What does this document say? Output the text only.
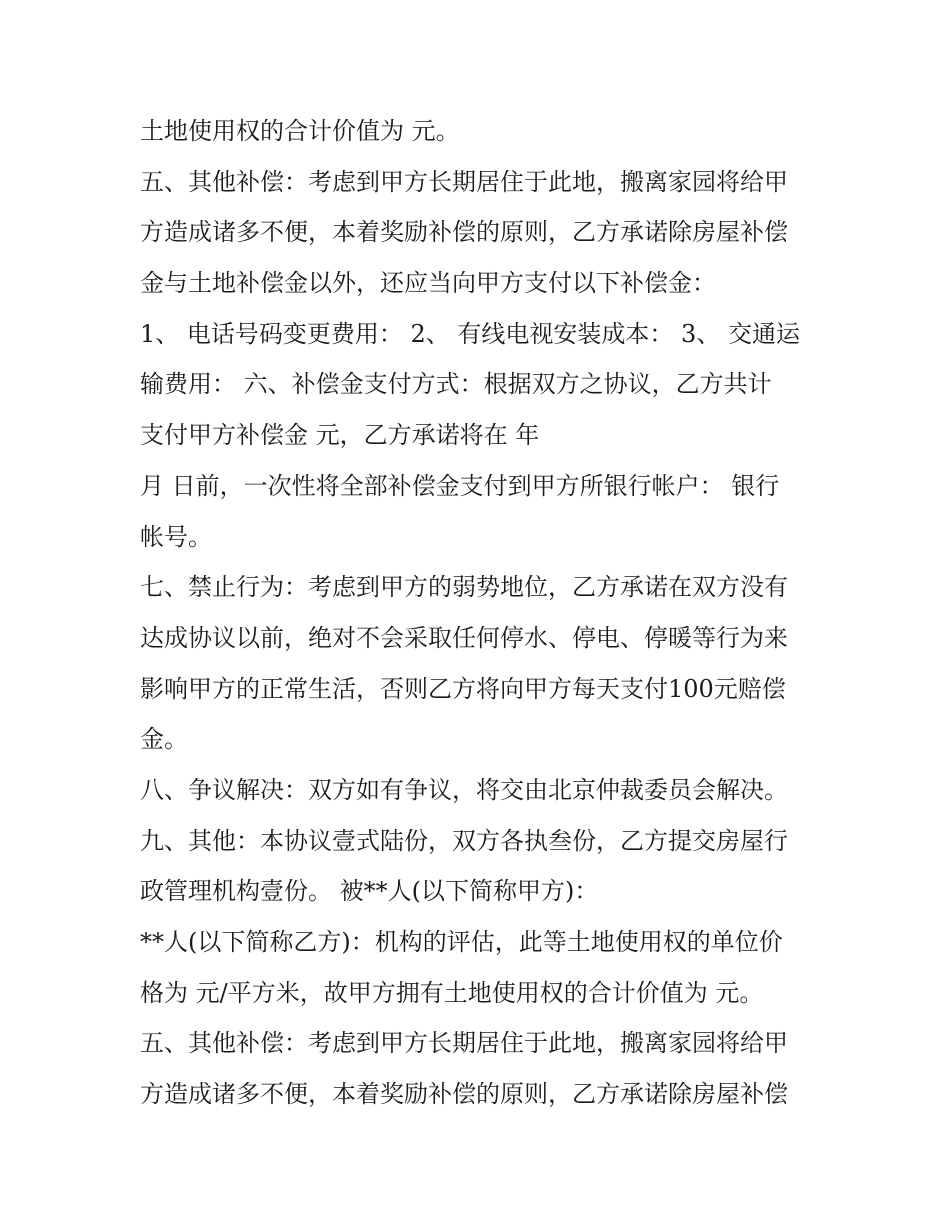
土地使用权的合计价值为 元。
五、其他补偿：考虑到甲方长期居住于此地，搬离家园将给甲
方造成诸多不便，本着奖励补偿的原则，乙方承诺除房屋补偿
金与土地补偿金以外，还应当向甲方支付以下补偿金：
1、 电话号码变更费用： 2、 有线电视安装成本： 3、 交通运
输费用： 六、补偿金支付方式：根据双方之协议，乙方共计
支付甲方补偿金 元，乙方承诺将在 年
月 日前，一次性将全部补偿金支付到甲方所银行帐户： 银行
帐号。
七、禁止行为：考虑到甲方的弱势地位，乙方承诺在双方没有
达成协议以前，绝对不会采取任何停水、停电、停暖等行为来
影响甲方的正常生活，否则乙方将向甲方每天支付100元赔偿
金。
八、争议解决：双方如有争议，将交由北京仲裁委员会解决。
九、其他：本协议壹式陆份，双方各执叁份，乙方提交房屋行
政管理机构壹份。 被**人(以下简称甲方)：
**人(以下简称乙方)：机构的评估，此等土地使用权的单位价
格为 元/平方米，故甲方拥有土地使用权的合计价值为 元。
五、其他补偿：考虑到甲方长期居住于此地，搬离家园将给甲
方造成诸多不便，本着奖励补偿的原则，乙方承诺除房屋补偿
